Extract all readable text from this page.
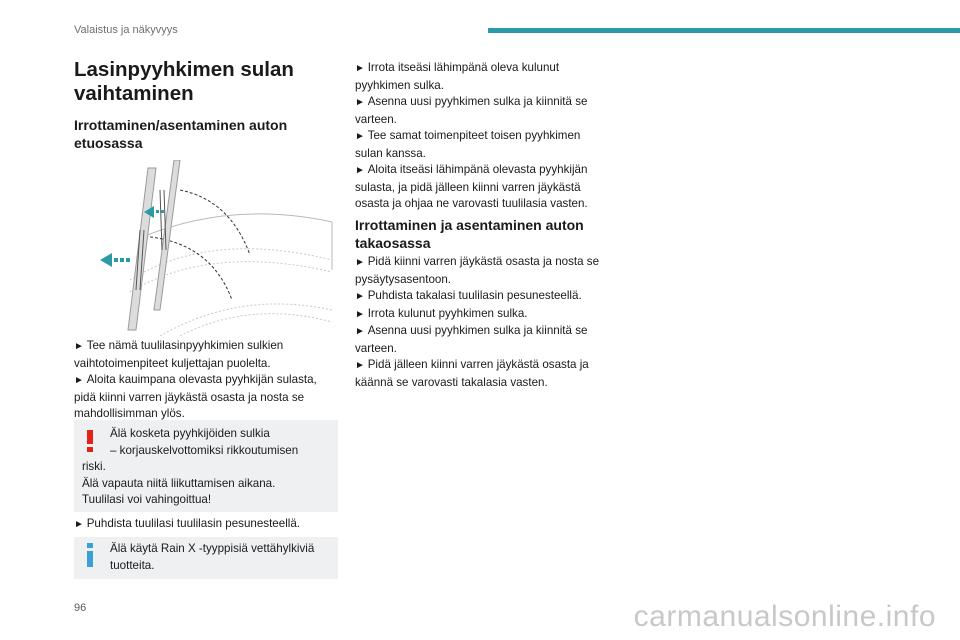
Valaistus ja näkyvyys
Lasinpyyhkimen sulan
vaihtaminen
Irrottaminen/asentaminen auton
etuosassa

► Tee nämä tuulilasinpyyhkimien sulkien
vaihtotoimenpiteet kuljettajan puolelta.

► Aloita kauimpana olevasta pyyhkijän sulasta,
pidä kiinni varren jäykästä osasta ja nosta se
mahdollisimman ylös.

Älä kosketa pyyhkijöiden sulkia
– korjauskelvottomiksi rikkoutumisen
riski.
Älä vapauta niitä liikuttamisen aikana.
Tuulilasi voi vahingoittua!

► Puhdista tuulilasi tuulilasin pesunesteellä.

Älä käytä Rain X -tyyppisiä vettähylkiviä
tuotteita.

► Irrota itseäsi lähimpänä oleva kulunut
pyyhkimen sulka.

► Asenna uusi pyyhkimen sulka ja kiinnitä se
varteen.

► Tee samat toimenpiteet toisen pyyhkimen
sulan kanssa.

► Aloita itseäsi lähimpänä olevasta pyyhkijän
sulasta, ja pidä jälleen kiinni varren jäykästä
osasta ja ohjaa ne varovasti tuulilasia vasten.

Irrottaminen ja asentaminen auton
takaosassa

► Pidä kiinni varren jäykästä osasta ja nosta se
pysäytysasentoon.

► Puhdista takalasi tuulilasin pesunesteellä.

► Irrota kulunut pyyhkimen sulka.

► Asenna uusi pyyhkimen sulka ja kiinnitä se
varteen.

► Pidä jälleen kiinni varren jäykästä osasta ja
käännä se varovasti takalasia vasten.

96	carmanualsonline.info
